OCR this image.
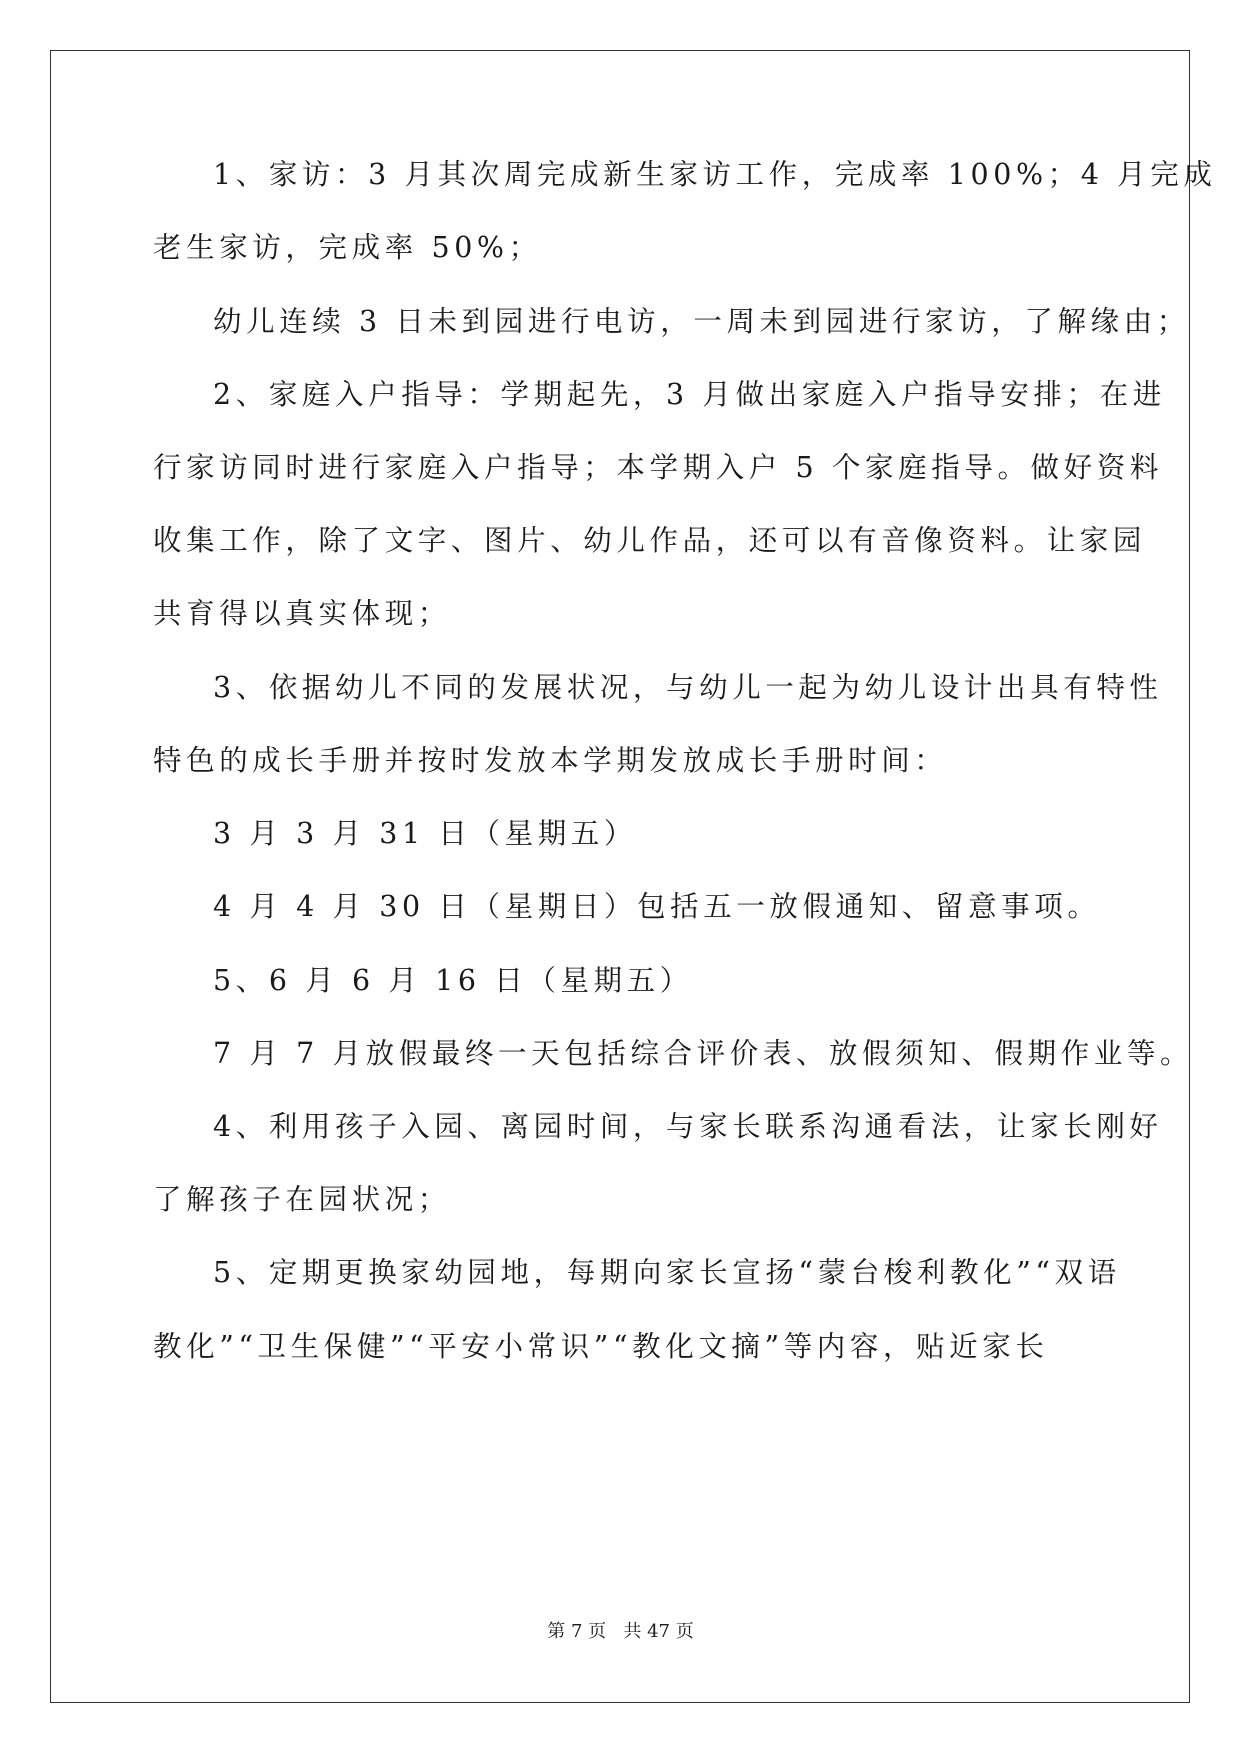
1、家访：3 月其次周完成新生家访工作，完成率 100%；4 月完成
老生家访，完成率 50%；
幼儿连续 3 日未到园进行电访，一周未到园进行家访，了解缘由；
2、家庭入户指导：学期起先，3 月做出家庭入户指导安排；在进
行家访同时进行家庭入户指导；本学期入户 5 个家庭指导。做好资料
收集工作，除了文字、图片、幼儿作品，还可以有音像资料。让家园
共育得以真实体现；
3、依据幼儿不同的发展状况，与幼儿一起为幼儿设计出具有特性
特色的成长手册并按时发放本学期发放成长手册时间：
3 月 3 月 31 日（星期五）
4 月 4 月 30 日（星期日）包括五一放假通知、留意事项。
5、6 月 6 月 16 日（星期五）
7 月 7 月放假最终一天包括综合评价表、放假须知、假期作业等。
4、利用孩子入园、离园时间，与家长联系沟通看法，让家长刚好
了解孩子在园状况；
5、定期更换家幼园地，每期向家长宣扬“蒙台梭利教化”“双语
教化”“卫生保健”“平安小常识”“教化文摘”等内容，贴近家长
第 7 页 共 47 页
